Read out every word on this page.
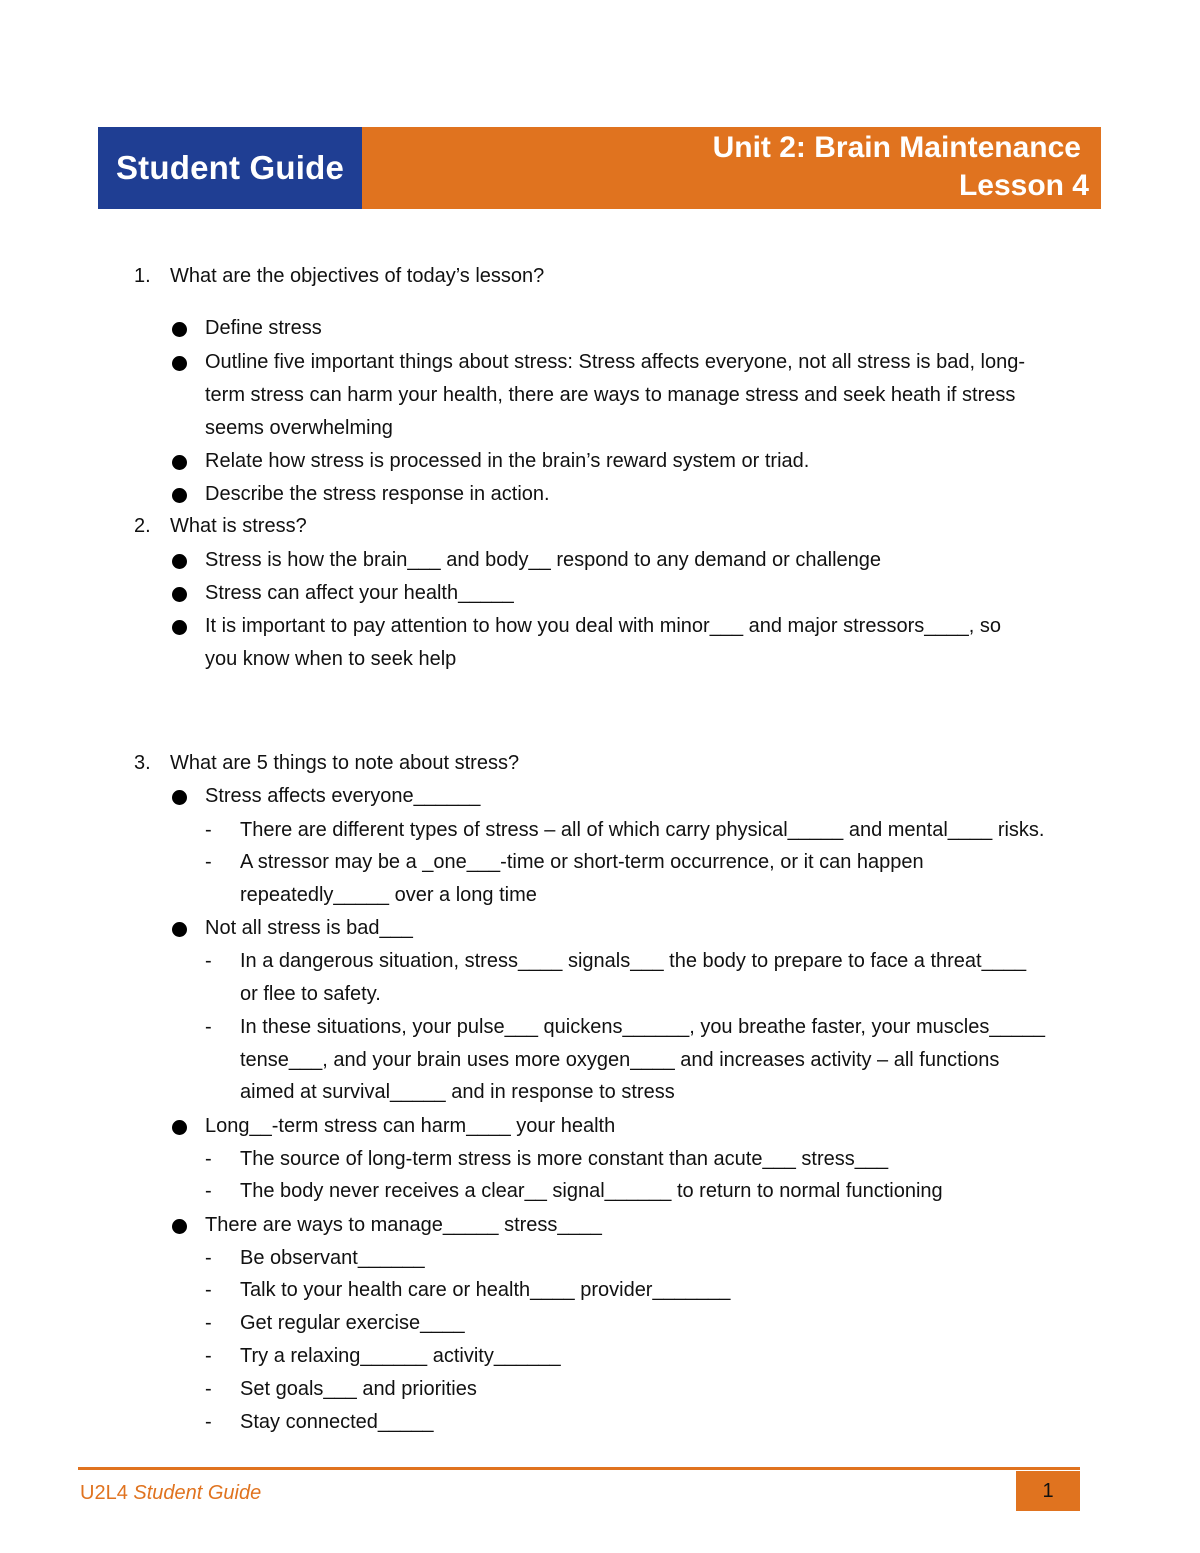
Student Guide
Unit 2: Brain Maintenance
Lesson 4
1. What are the objectives of today’s lesson?
Define stress
Outline five important things about stress: Stress affects everyone, not all stress is bad, long-
term stress can harm your health, there are ways to manage stress and seek heath if stress
seems overwhelming
Relate how stress is processed in the brain’s reward system or triad.
Describe the stress response in action.
2. What is stress?
Stress is how the brain___ and body__ respond to any demand or challenge
Stress can affect your health_____
It is important to pay attention to how you deal with minor___ and major stressors____, so
you know when to seek help
3. What are 5 things to note about stress?
Stress affects everyone______
- There are different types of stress – all of which carry physical_____ and mental____ risks.
- A stressor may be a _one___-time or short-term occurrence, or it can happen
repeatedly_____ over a long time
Not all stress is bad___
- In a dangerous situation, stress____ signals___ the body to prepare to face a threat____
or flee to safety.
- In these situations, your pulse___ quickens______, you breathe faster, your muscles_____
tense___, and your brain uses more oxygen____ and increases activity – all functions
aimed at survival_____ and in response to stress
Long__-term stress can harm____ your health
- The source of long-term stress is more constant than acute___ stress___
- The body never receives a clear__ signal______ to return to normal functioning
There are ways to manage_____ stress____
- Be observant______
- Talk to your health care or health____ provider_______
- Get regular exercise____
- Try a relaxing______ activity______
- Set goals___ and priorities
- Stay connected_____
U2L4 Student Guide	1
